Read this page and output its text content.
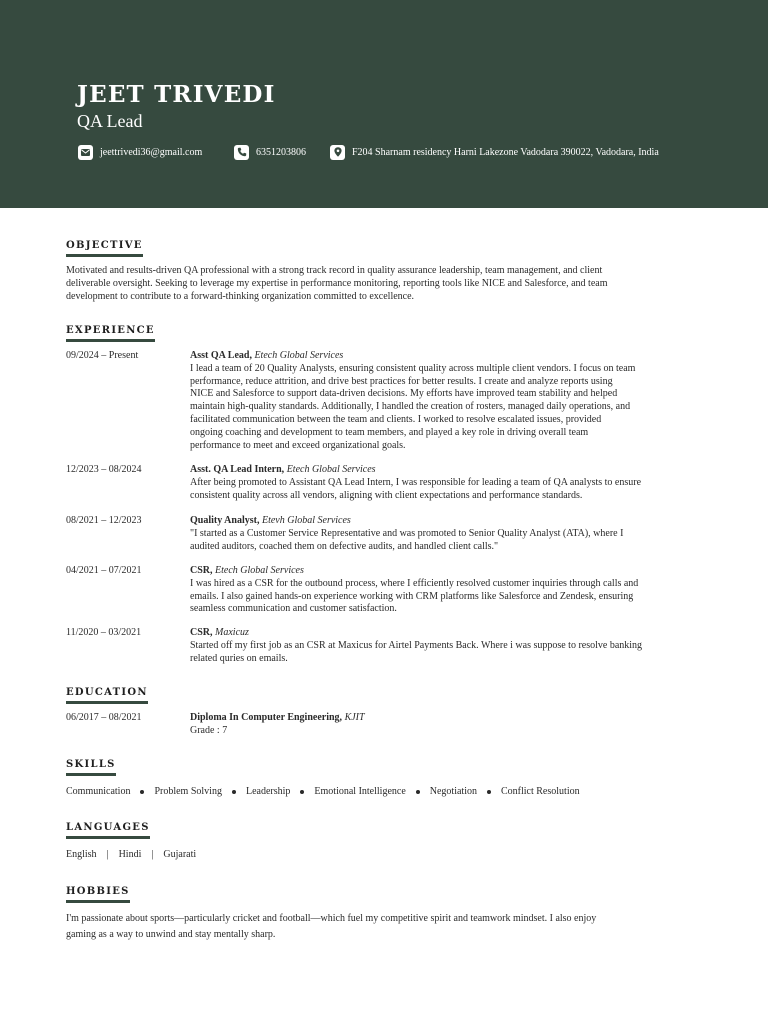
JEET TRIVEDI
QA Lead
jeettrivedi36@gmail.com	6351203806	F204 Sharnam residency Harni Lakezone Vadodara 390022, Vadodara, India
OBJECTIVE
Motivated and results-driven QA professional with a strong track record in quality assurance leadership, team management, and client
deliverable oversight. Seeking to leverage my expertise in performance monitoring, reporting tools like NICE and Salesforce, and team
development to contribute to a forward-thinking organization committed to excellence.
EXPERIENCE
09/2024 – Present	Asst QA Lead, Etech Global Services
I lead a team of 20 Quality Analysts, ensuring consistent quality across multiple client vendors. I focus on team
performance, reduce attrition, and drive best practices for better results. I create and analyze reports using
NICE and Salesforce to support data-driven decisions. My efforts have improved team stability and helped
maintain high-quality standards. Additionally, I handled the creation of rosters, managed daily operations, and
facilitated communication between the team and clients. I worked to resolve escalated issues, provided
ongoing coaching and development to team members, and played a key role in driving overall team
performance to meet and exceed organizational goals.
12/2023 – 08/2024	Asst. QA Lead Intern, Etech Global Services
After being promoted to Assistant QA Lead Intern, I was responsible for leading a team of QA analysts to ensure
consistent quality across all vendors, aligning with client expectations and performance standards.
08/2021 – 12/2023	Quality Analyst, Etevh Global Services
"I started as a Customer Service Representative and was promoted to Senior Quality Analyst (ATA), where I
audited auditors, coached them on defective audits, and handled client calls."
04/2021 – 07/2021	CSR, Etech Global Services
I was hired as a CSR for the outbound process, where I efficiently resolved customer inquiries through calls and
emails. I also gained hands-on experience working with CRM platforms like Salesforce and Zendesk, ensuring
seamless communication and customer satisfaction.
11/2020 – 03/2021	CSR, Maxicuz
Started off my first job as an CSR at Maxicus for Airtel Payments Back. Where i was suppose to resolve banking
related quries on emails.
EDUCATION
06/2017 – 08/2021	Diploma In Computer Engineering, KJIT
Grade : 7
SKILLS
Communication Problem Solving Leadership Emotional Intelligence Negotiation Conflict Resolution
LANGUAGES
English | Hindi | Gujarati
HOBBIES
I'm passionate about sports—particularly cricket and football—which fuel my competitive spirit and teamwork mindset. I also enjoy
gaming as a way to unwind and stay mentally sharp.
